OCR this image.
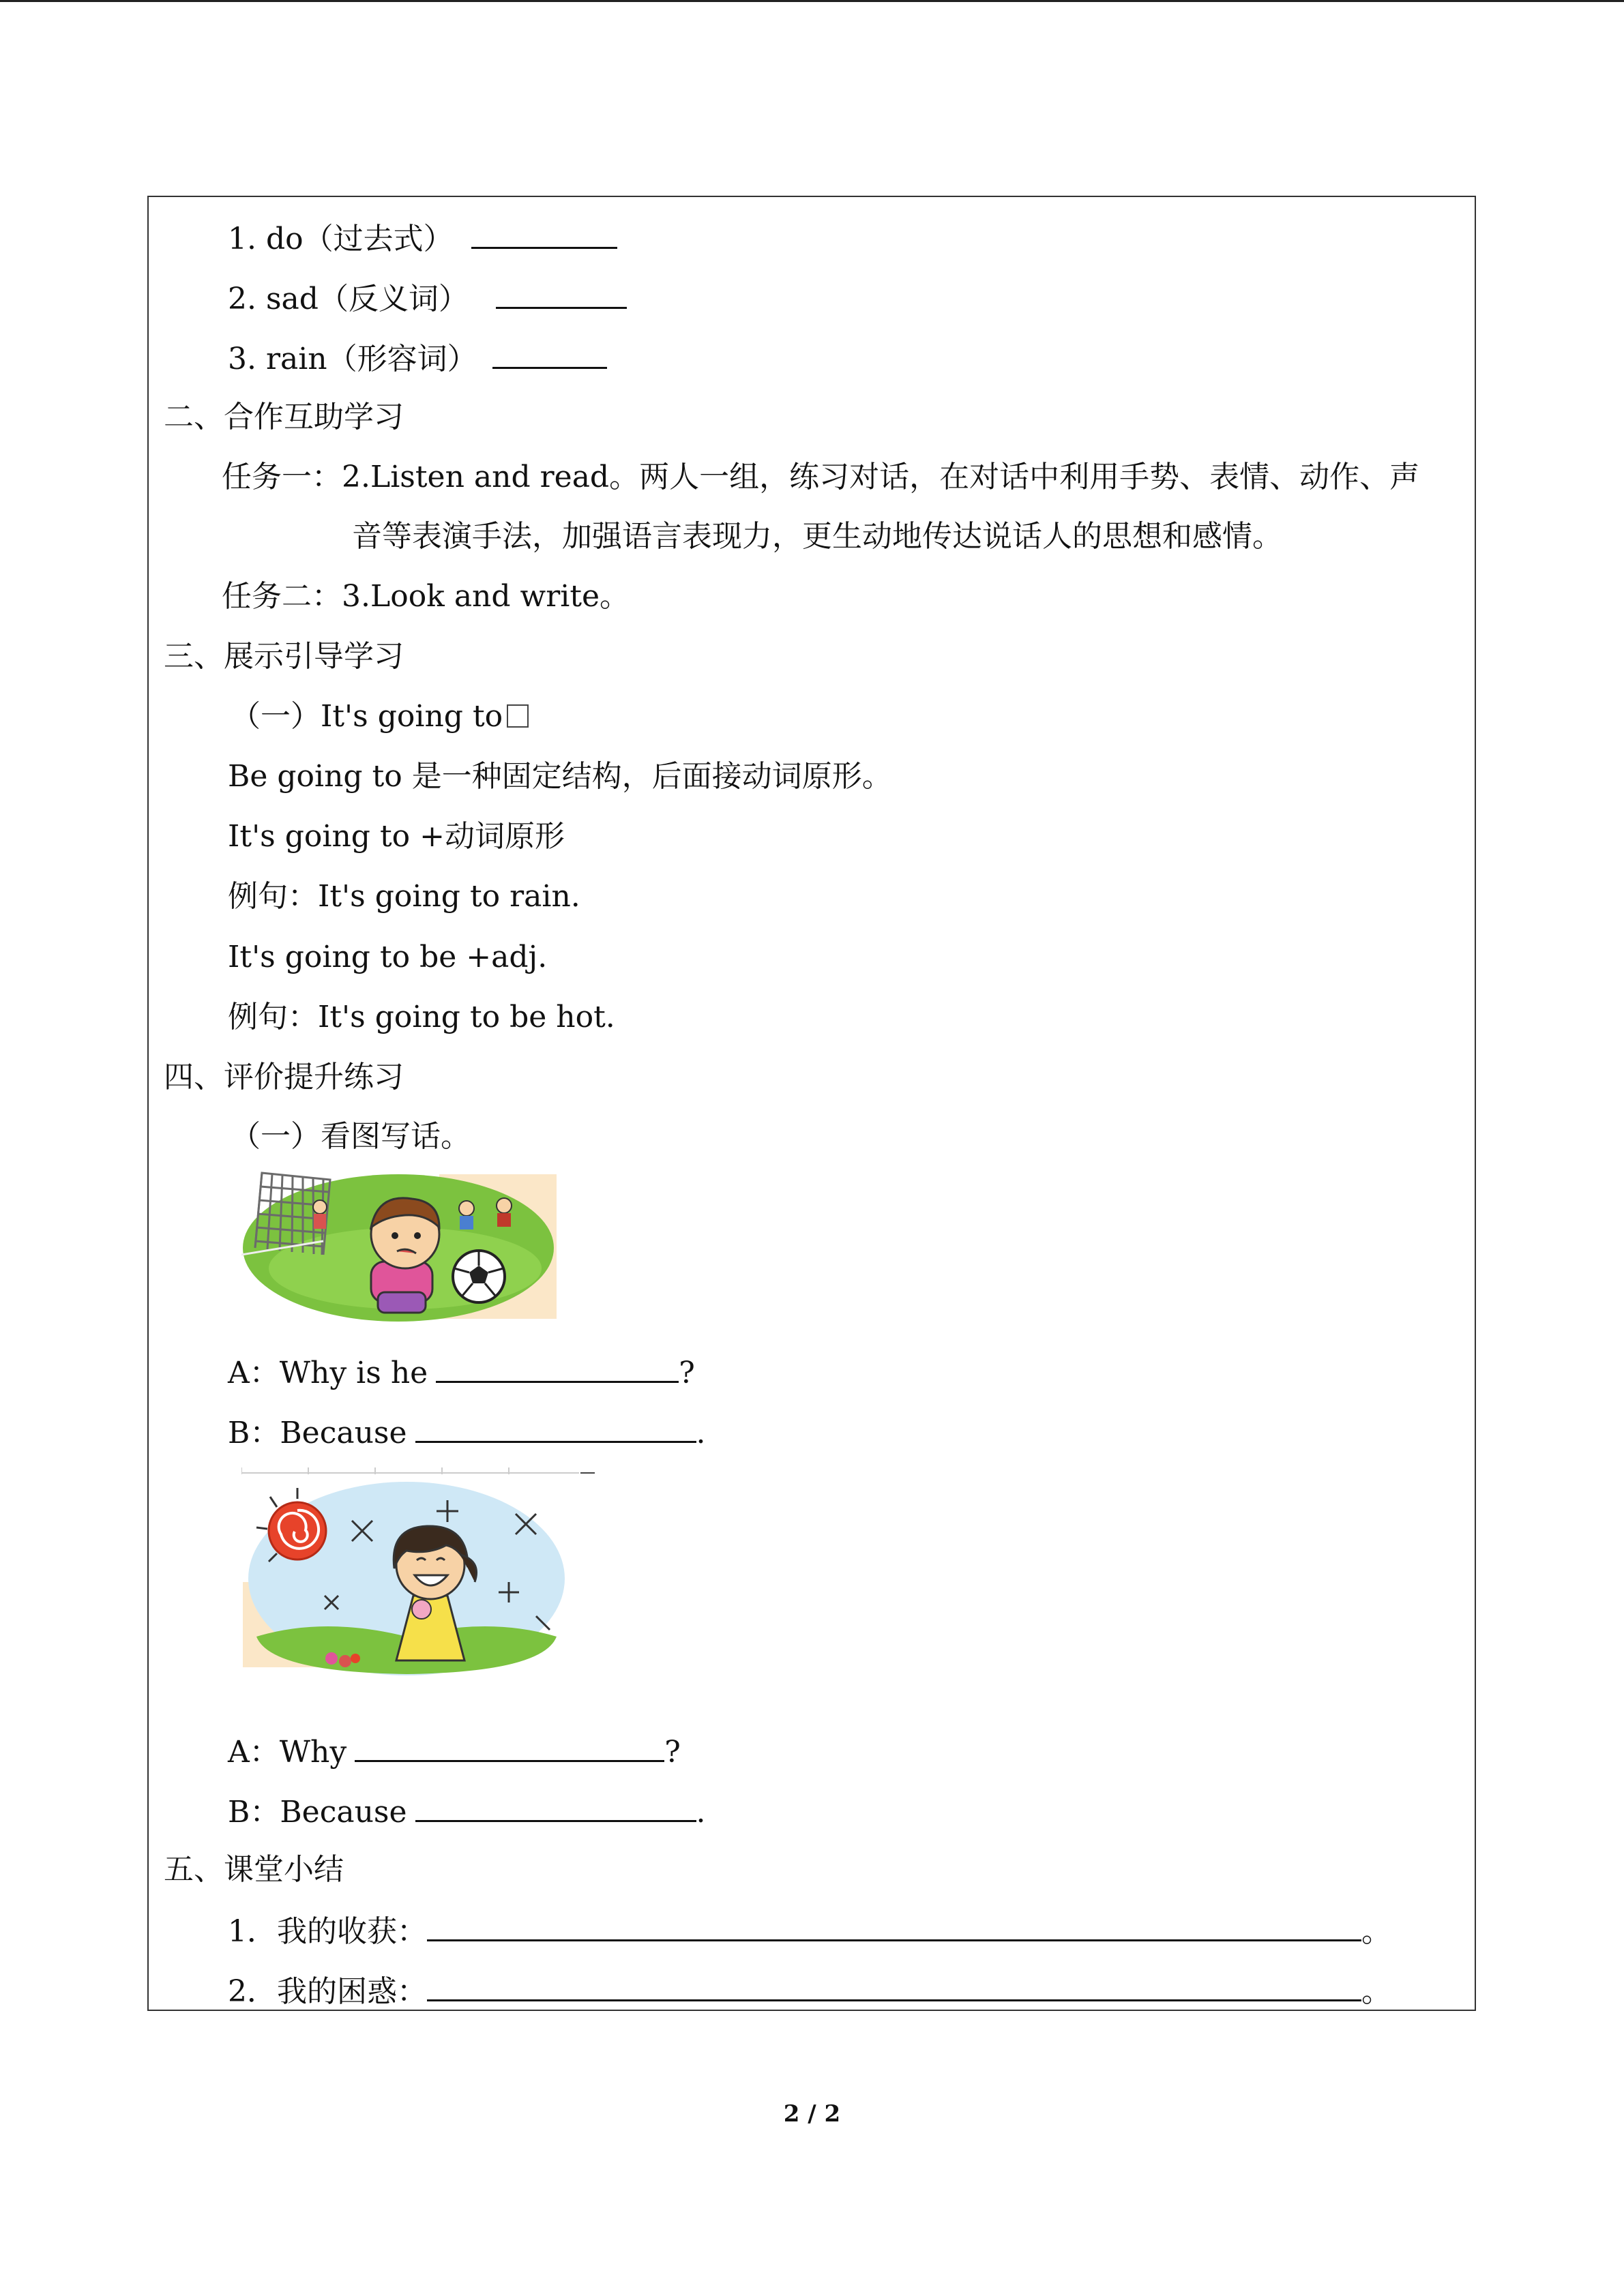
1. do（过去式）
2. sad（反义词）
3. rain（形容词）
二、合作互助学习
任务一：2.Listen and read。两人一组，练习对话，在对话中利用手势、表情、动作、声
音等表演手法，加强语言表现力，更生动地传达说话人的思想和感情。
任务二：3.Look and write。
三、展示引导学习
（一）It's going to
Be going to 是一种固定结构，后面接动词原形。
It's going to +动词原形
例句：It's going to rain.
It's going to be +adj.
例句：It's going to be hot.
四、评价提升练习
（一）看图写话。
A：Why is he	?
B：Because	.
A：Why	?
B：Because	.
五、课堂小结
1．我的收获：	。
2．我的困惑：	。
2 / 2
